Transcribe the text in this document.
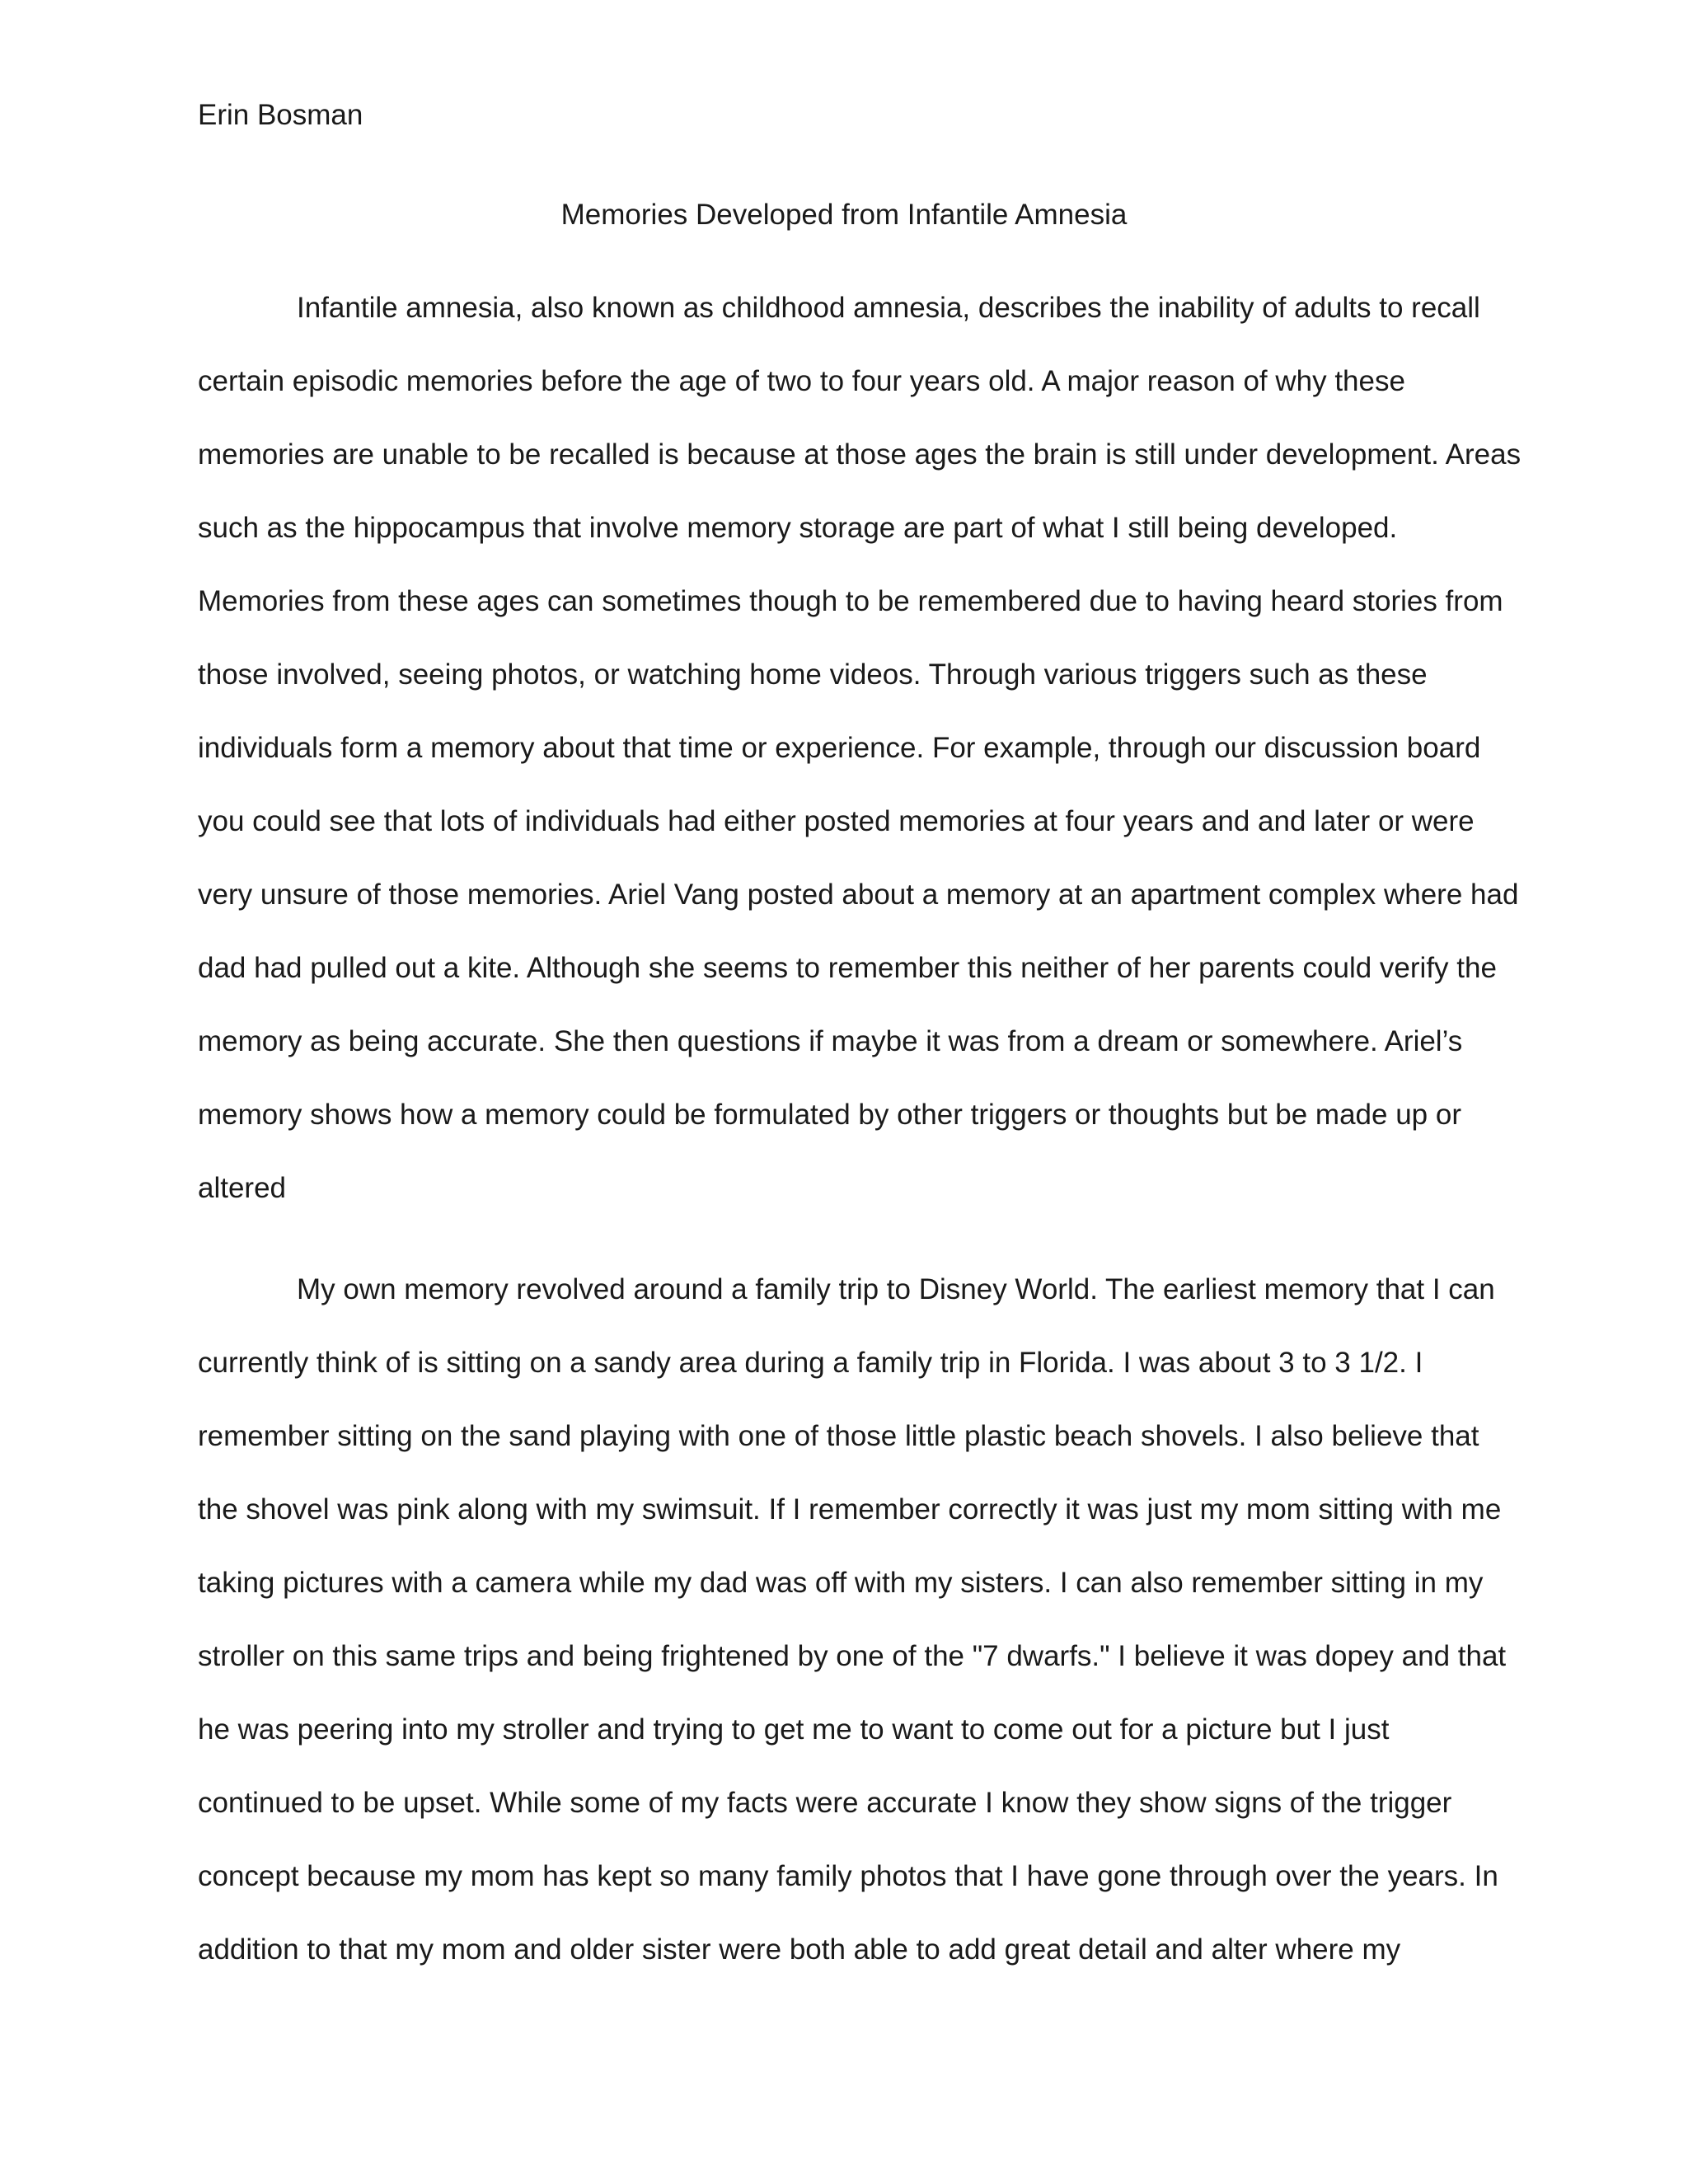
Erin Bosman
Memories Developed from Infantile Amnesia
Infantile amnesia, also known as childhood amnesia, describes the inability of adults to recall
certain episodic memories before the age of two to four years old. A major reason of why these
memories are unable to be recalled is because at those ages the brain is still under development. Areas
such as the hippocampus that involve memory storage are part of what I still being developed.
Memories from these ages can sometimes though to be remembered due to having heard stories from
those involved, seeing photos, or watching home videos. Through various triggers such as these
individuals form a memory about that time or experience. For example, through our discussion board
you could see that lots of individuals had either posted memories at four years and and later or were
very unsure of those memories. Ariel Vang posted about a memory at an apartment complex where had
dad had pulled out a kite. Although she seems to remember this neither of her parents could verify the
memory as being accurate. She then questions if maybe it was from a dream or somewhere. Ariel’s
memory shows how a memory could be formulated by other triggers or thoughts but be made up or
altered
My own memory revolved around a family trip to Disney World. The earliest memory that I can
currently think of is sitting on a sandy area during a family trip in Florida. I was about 3 to 3 1/2. I
remember sitting on the sand playing with one of those little plastic beach shovels. I also believe that
the shovel was pink along with my swimsuit. If I remember correctly it was just my mom sitting with me
taking pictures with a camera while my dad was off with my sisters. I can also remember sitting in my
stroller on this same trips and being frightened by one of the "7 dwarfs." I believe it was dopey and that
he was peering into my stroller and trying to get me to want to come out for a picture but I just
continued to be upset. While some of my facts were accurate I know they show signs of the trigger
concept because my mom has kept so many family photos that I have gone through over the years. In
addition to that my mom and older sister were both able to add great detail and alter where my
